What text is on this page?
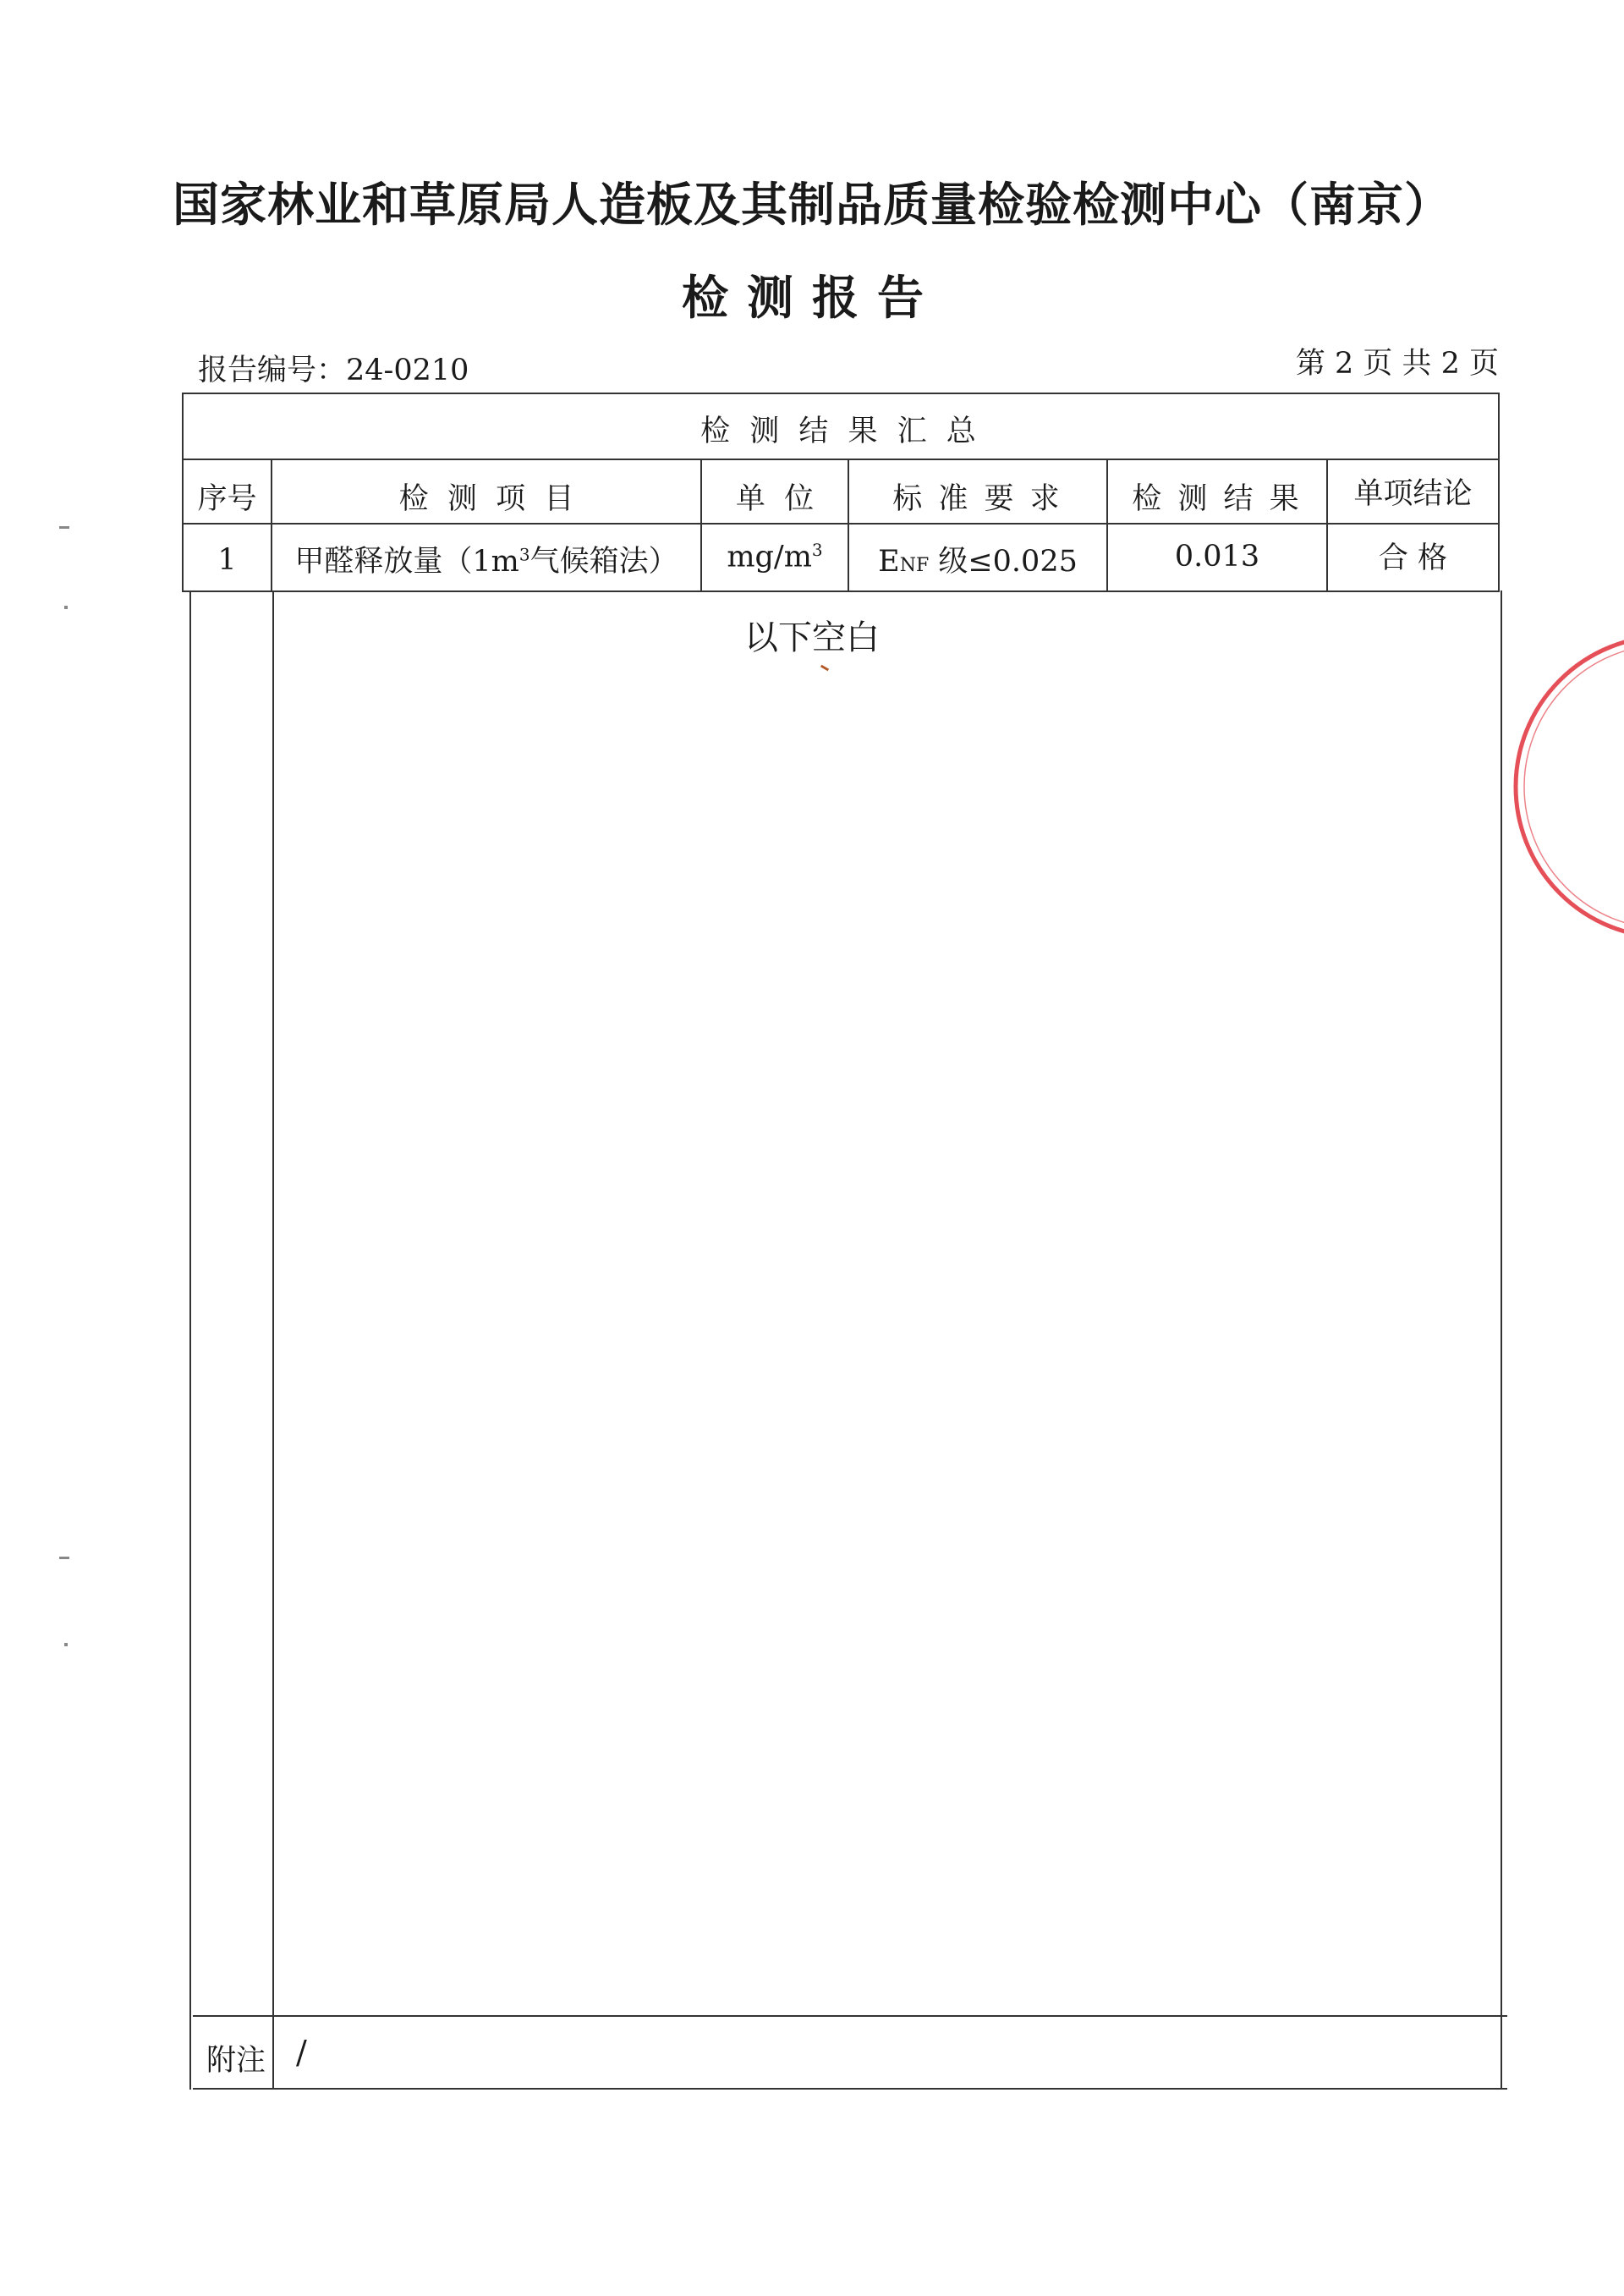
国家林业和草原局人造板及其制品质量检验检测中心（南京）
检测报告
报告编号：24-0210	第 2 页 共 2 页
检 测 结 果 汇 总
序号	检  测  项  目	单  位	标 准 要 求	检 测 结 果	单项结论
1	甲醛释放量（$1m^3$气候箱法）	$mg/m^3$	ENF 级≤0.025	0.013	合 格
以下空白
附注 /
